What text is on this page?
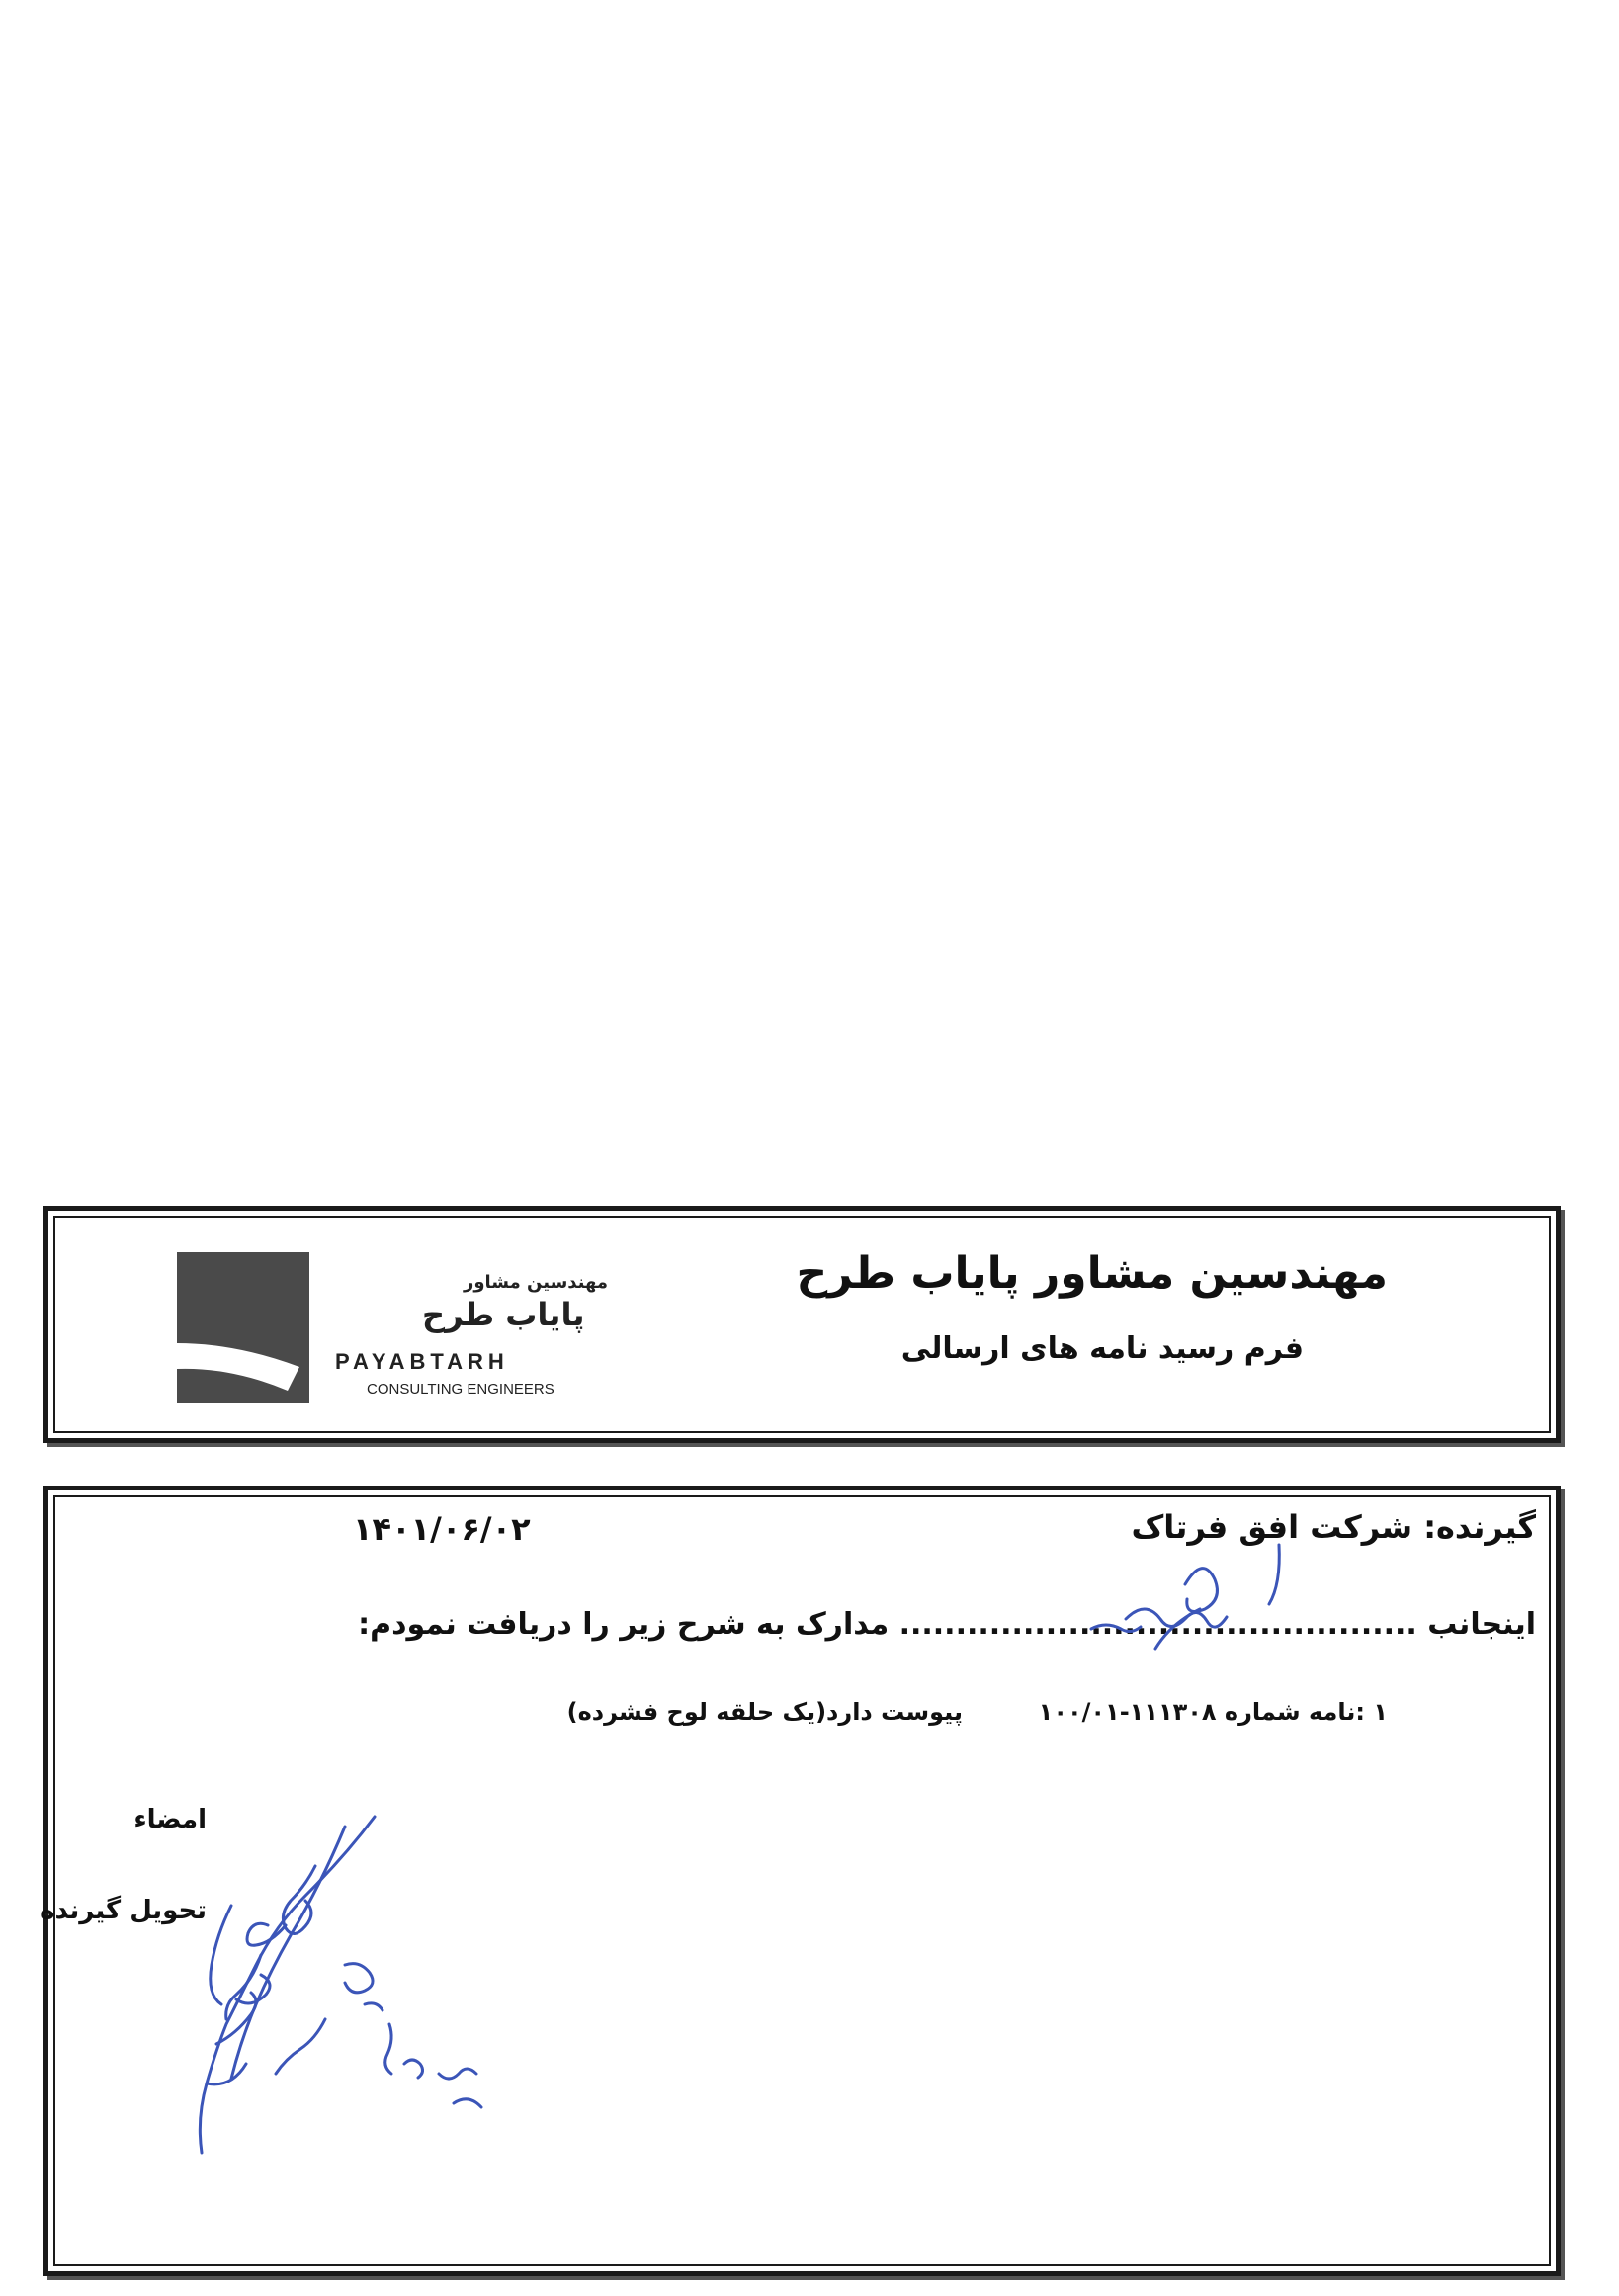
مهندسین مشاور پایاب طرح
فرم رسید نامه های ارسالی
مهندسین مشاور
پایاب طرح
PAYABTARH
CONSULTING ENGINEERS
گیرنده: شرکت افق فرتاک
۱۴۰۱/۰۶/۰۲
اینجانب .............................................. مدارک به شرح زیر را دریافت نمودم:
۱ :نامه شماره ۱۱۱۳۰۸-۱۰۰/۰۱  پیوست دارد(یک حلقه لوح فشرده)
امضاء
تحویل گیرنده
